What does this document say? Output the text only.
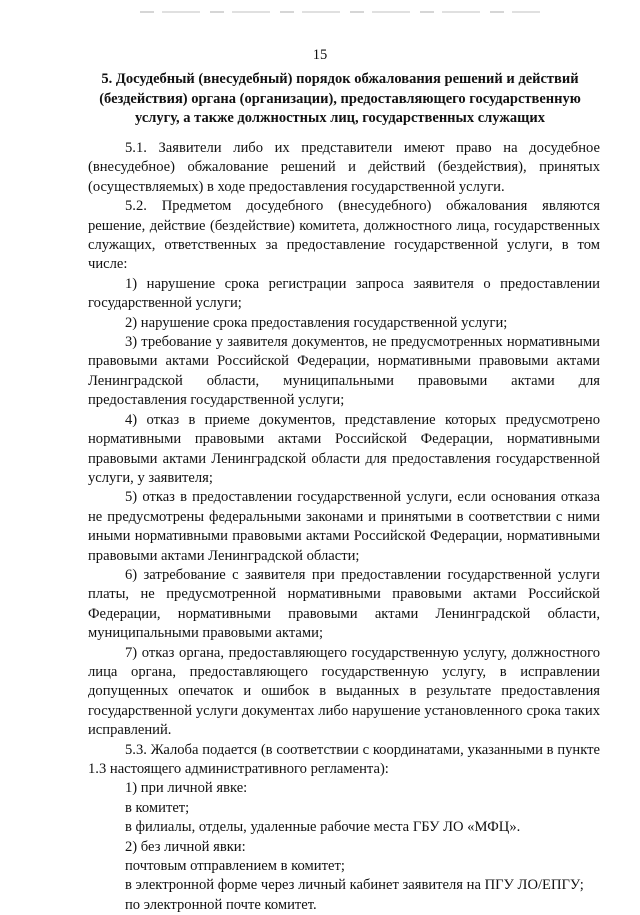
15
5. Досудебный (внесудебный) порядок обжалования решений и действий (бездействия) органа (организации), предоставляющего государственную услугу, а также должностных лиц, государственных служащих

5.1. Заявители либо их представители имеют право на досудебное (внесудебное) обжалование решений и действий (бездействия), принятых (осуществляемых) в ходе предоставления государственной услуги.

5.2. Предметом досудебного (внесудебного) обжалования являются решение, действие (бездействие) комитета, должностного лица, государственных служащих, ответственных за предоставление государственной услуги, в том числе:

1) нарушение срока регистрации запроса заявителя о предоставлении государственной услуги;

2) нарушение срока предоставления государственной услуги;

3) требование у заявителя документов, не предусмотренных нормативными правовыми актами Российской Федерации, нормативными правовыми актами Ленинградской области, муниципальными правовыми актами для предоставления государственной услуги;

4) отказ в приеме документов, представление которых предусмотрено нормативными правовыми актами Российской Федерации, нормативными правовыми актами Ленинградской области для предоставления государственной услуги, у заявителя;

5) отказ в предоставлении государственной услуги, если основания отказа не предусмотрены федеральными законами и принятыми в соответствии с ними иными нормативными правовыми актами Российской Федерации, нормативными правовыми актами Ленинградской области;

6) затребование с заявителя при предоставлении государственной услуги платы, не предусмотренной нормативными правовыми актами Российской Федерации, нормативными правовыми актами Ленинградской области, муниципальными правовыми актами;

7) отказ органа, предоставляющего государственную услугу, должностного лица органа, предоставляющего государственную услугу, в исправлении допущенных опечаток и ошибок в выданных в результате предоставления государственной услуги документах либо нарушение установленного срока таких исправлений.

5.3. Жалоба подается (в соответствии с координатами, указанными в пункте 1.3 настоящего административного регламента):

1) при личной явке:

в комитет;

в филиалы, отделы, удаленные рабочие места ГБУ ЛО «МФЦ».

2) без личной явки:

почтовым отправлением в комитет;

в электронной форме через личный кабинет заявителя на ПГУ ЛО/ЕПГУ;

по электронной почте комитет.
